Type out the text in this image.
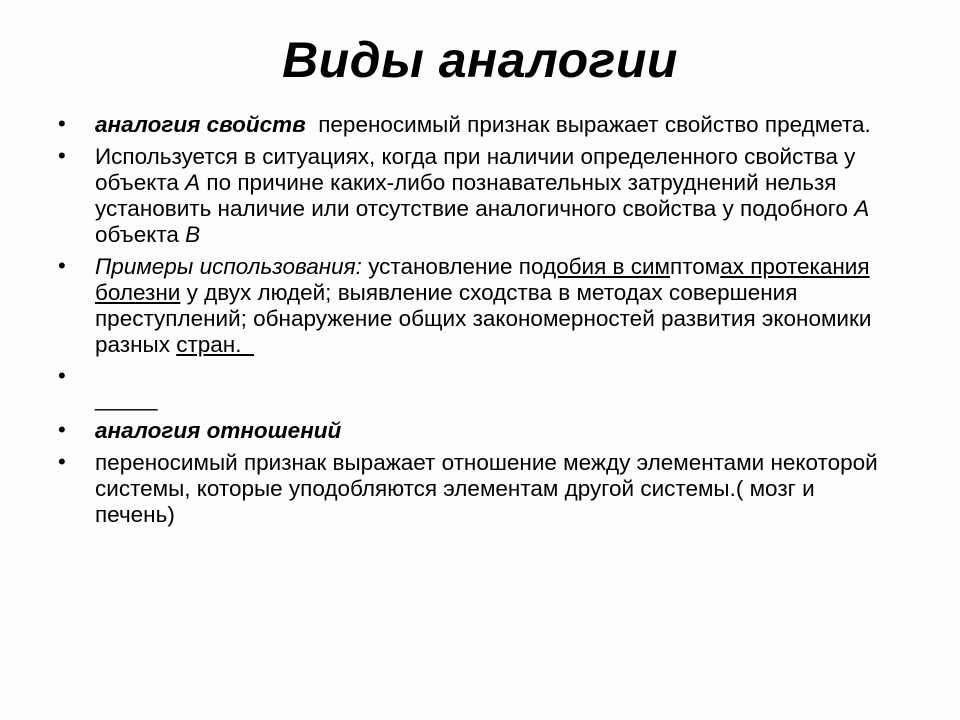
Виды аналогии
• аналогия свойств  переносимый признак выражает свойство предмета.
• Используется в ситуациях, когда при наличии определенного свойства у объекта А по причине каких-либо познавательных затруднений нельзя установить наличие или отсутствие аналогичного свойства у подобного А объекта В
• Примеры использования: установление подобия в симптомах протекания болезни у двух людей; выявление сходства в методах совершения преступлений; обнаружение общих закономерностей развития экономики разных стран.
•
_____
• аналогия отношений
• переносимый признак выражает отношение между элементами некоторой системы, которые уподобляются элементам другой системы.( мозг и печень)
